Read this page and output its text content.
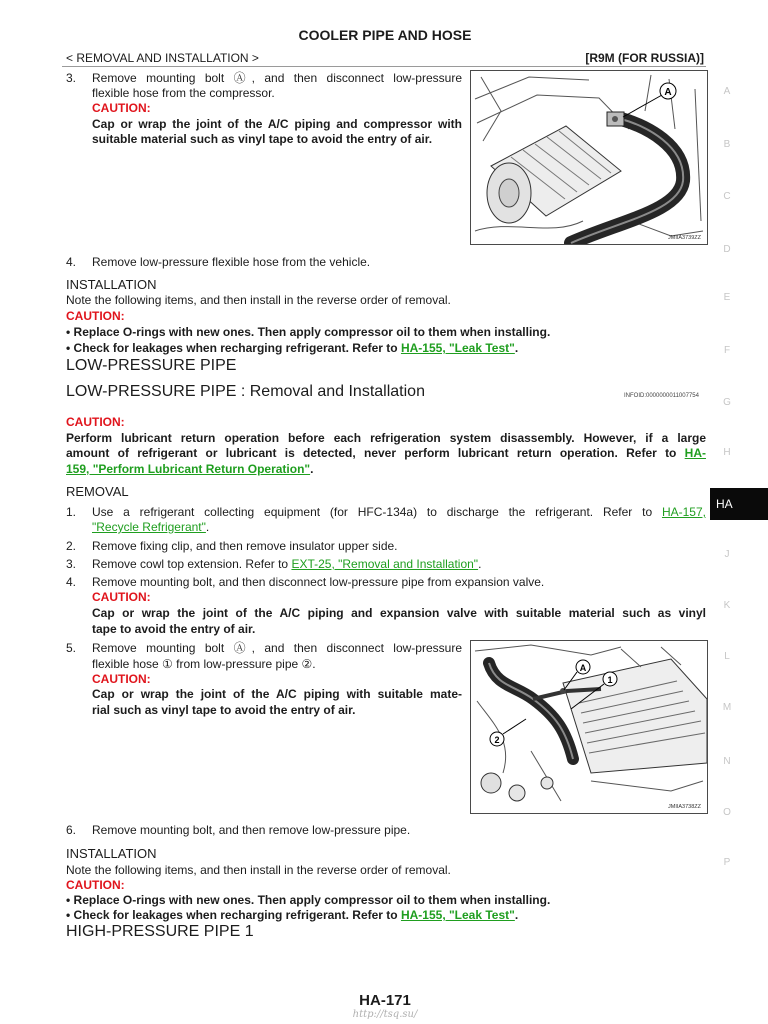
COOLER PIPE AND HOSE
< REMOVAL AND INSTALLATION >	[R9M (FOR RUSSIA)]
3. Remove mounting bolt Ⓐ, and then disconnect low-pressure
flexible hose from the compressor.
CAUTION:
Cap or wrap the joint of the A/C piping and compressor with
suitable material such as vinyl tape to avoid the entry of air.
A
JMIIA3739ZZ
4. Remove low-pressure flexible hose from the vehicle.
INSTALLATION
Note the following items, and then install in the reverse order of removal.
CAUTION:
• Replace O-rings with new ones. Then apply compressor oil to them when installing.
• Check for leakages when recharging refrigerant. Refer to HA-155, "Leak Test".
LOW-PRESSURE PIPE
LOW-PRESSURE PIPE : Removal and Installation	INFOID:0000000011007754
CAUTION:
Perform lubricant return operation before each refrigeration system disassembly. However, if a large
amount of refrigerant or lubricant is detected, never perform lubricant return operation. Refer to HA-
159, "Perform Lubricant Return Operation".
REMOVAL
1. Use a refrigerant collecting equipment (for HFC-134a) to discharge the refrigerant. Refer to HA-157,
"Recycle Refrigerant".
2. Remove fixing clip, and then remove insulator upper side.
3. Remove cowl top extension. Refer to EXT-25, "Removal and Installation".
4. Remove mounting bolt, and then disconnect low-pressure pipe from expansion valve.
CAUTION:
Cap or wrap the joint of the A/C piping and expansion valve with suitable material such as vinyl
tape to avoid the entry of air.
5. Remove mounting bolt Ⓐ, and then disconnect low-pressure
flexible hose ① from low-pressure pipe ②.
CAUTION:
Cap or wrap the joint of the A/C piping with suitable mate-
rial such as vinyl tape to avoid the entry of air.
A
1
2
JMIIA3738ZZ
6. Remove mounting bolt, and then remove low-pressure pipe.
INSTALLATION
Note the following items, and then install in the reverse order of removal.
CAUTION:
• Replace O-rings with new ones. Then apply compressor oil to them when installing.
• Check for leakages when recharging refrigerant. Refer to HA-155, "Leak Test".
HIGH-PRESSURE PIPE 1
HA-171
http://tsq.su/
A
B
C
D
E
F
G
H
HA
J
K
L
M
N
O
P
